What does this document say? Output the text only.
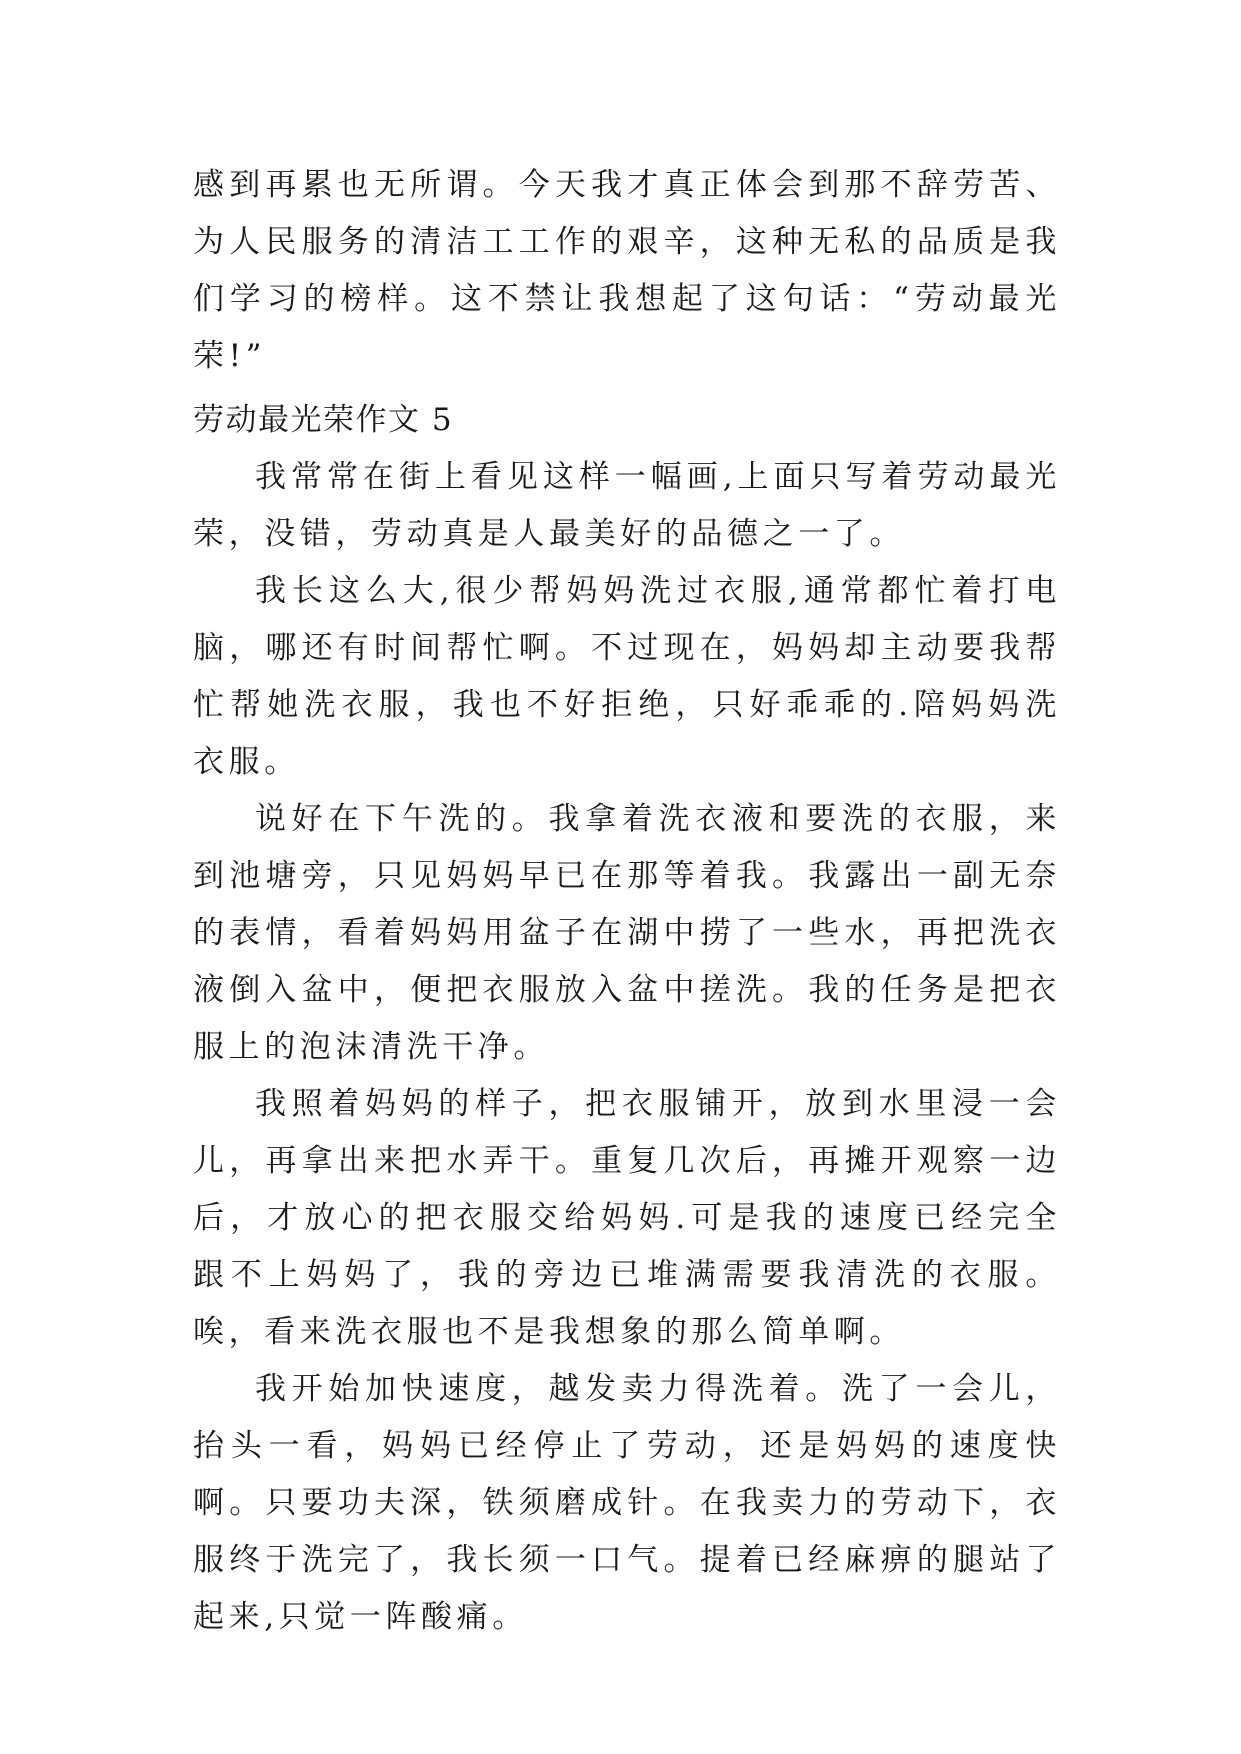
感到再累也无所谓。今天我才真正体会到那不辞劳苦、为人民服务的清洁工工作的艰辛，这种无私的品质是我们学习的榜样。这不禁让我想起了这句话：“劳动最光荣!”
劳动最光荣作文 5

我常常在街上看见这样一幅画,上面只写着劳动最光荣，没错，劳动真是人最美好的品德之一了。

我长这么大,很少帮妈妈洗过衣服,通常都忙着打电脑，哪还有时间帮忙啊。不过现在，妈妈却主动要我帮忙帮她洗衣服，我也不好拒绝，只好乖乖的.陪妈妈洗衣服。

说好在下午洗的。我拿着洗衣液和要洗的衣服，来到池塘旁，只见妈妈早已在那等着我。我露出一副无奈的表情，看着妈妈用盆子在湖中捞了一些水，再把洗衣液倒入盆中，便把衣服放入盆中搓洗。我的任务是把衣服上的泡沫清洗干净。

我照着妈妈的样子，把衣服铺开，放到水里浸一会儿，再拿出来把水弄干。重复几次后，再摊开观察一边后，才放心的把衣服交给妈妈.可是我的速度已经完全跟不上妈妈了，我的旁边已堆满需要我清洗的衣服。唉，看来洗衣服也不是我想象的那么简单啊。

我开始加快速度，越发卖力得洗着。洗了一会儿，抬头一看，妈妈已经停止了劳动，还是妈妈的速度快啊。只要功夫深，铁须磨成针。在我卖力的劳动下，衣服终于洗完了，我长须一口气。提着已经麻痹的腿站了起来,只觉一阵酸痛。
